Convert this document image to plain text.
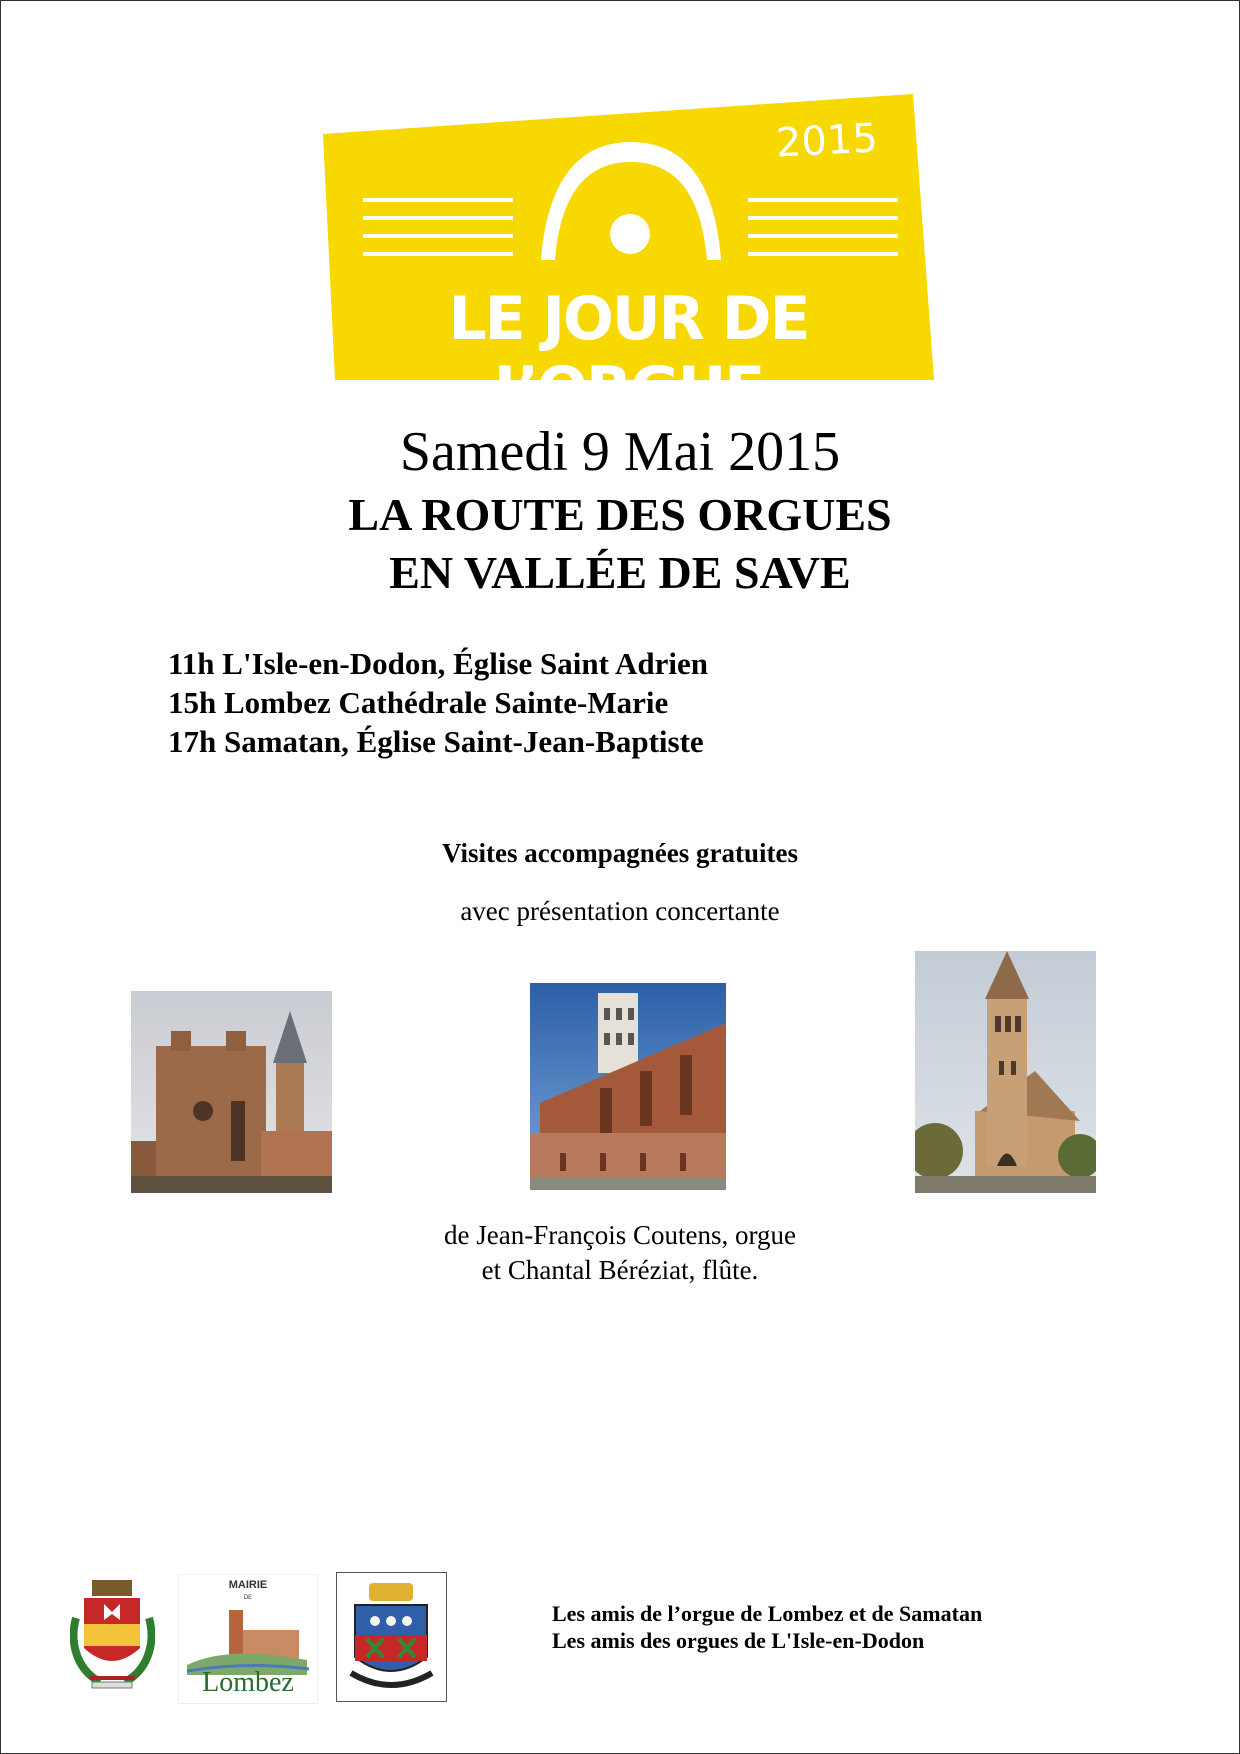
2015
LE JOUR DE L’ORGUE
Samedi 9 Mai 2015
LA ROUTE DES ORGUES
EN VALLÉE DE SAVE
11h L'Isle-en-Dodon, Église Saint Adrien
15h Lombez Cathédrale Sainte-Marie
17h Samatan, Église Saint-Jean-Baptiste
Visites accompagnées gratuites
avec présentation concertante
de Jean-François Coutens, orgue
et Chantal Béréziat, flûte.
MAIRIE
DE
Lombez
Les amis de l’orgue de Lombez et de Samatan
Les amis des orgues de L'Isle-en-Dodon
